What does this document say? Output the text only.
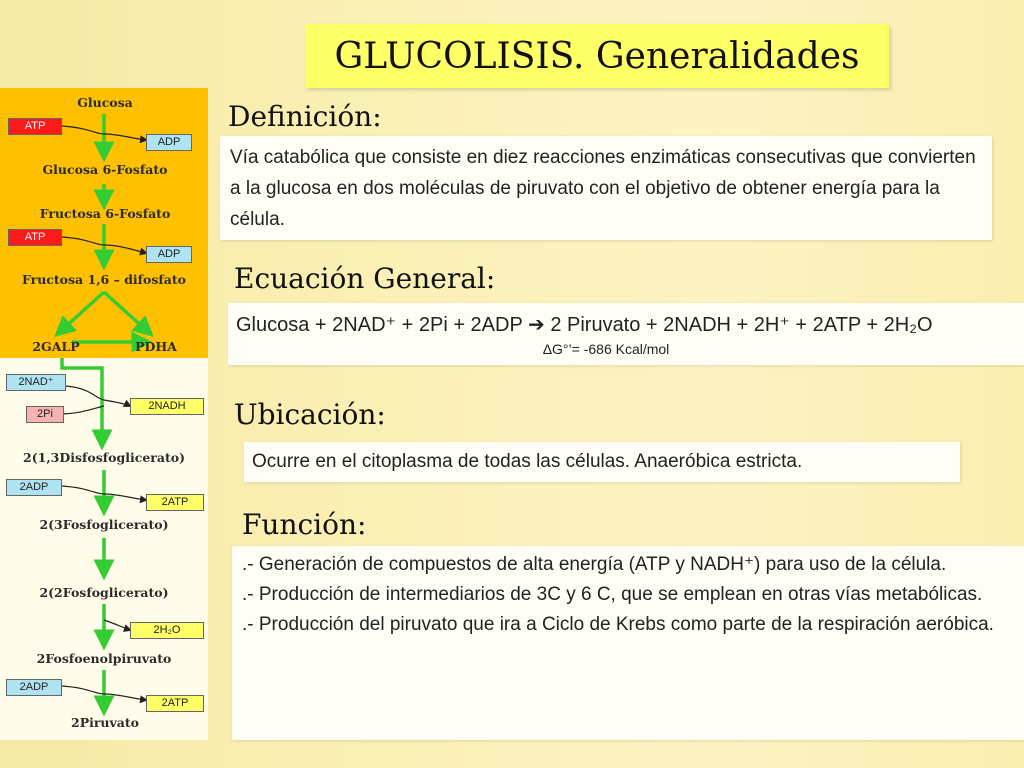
GLUCOLISIS. Generalidades
Definición:
Vía catabólica que consiste en diez reacciones enzimáticas consecutivas que convierten a la glucosa en dos moléculas de piruvato con el objetivo de obtener energía para la célula.
Ecuación General:
Glucosa + 2NAD⁺ + 2Pi + 2ADP ➔ 2 Piruvato + 2NADH + 2H⁺ + 2ATP + 2H₂O
ΔG°’= -686 Kcal/mol
Ubicación:
Ocurre en el citoplasma de todas las células. Anaeróbica estricta.
Función:
.- Generación de compuestos de alta energía (ATP y NADH⁺) para uso de la célula.
.- Producción de intermediarios de 3C y 6 C, que se emplean en otras vías metabólicas.
.- Producción del piruvato que ira a Ciclo de Krebs como parte de la respiración aeróbica.
Glucosa
Glucosa 6-Fosfato
Fructosa 6-Fosfato
Fructosa 1,6 – difosfato
2GALP	PDHA
2(1,3Disfosfoglicerato)
2(3Fosfoglicerato)
2(2Fosfoglicerato)
2Fosfoenolpiruvato
2Piruvato
ATP
ADP
ATP
ADP
2NAD⁺
2Pi
2NADH
2ADP
2ATP
2H₂O
2ADP
2ATP
